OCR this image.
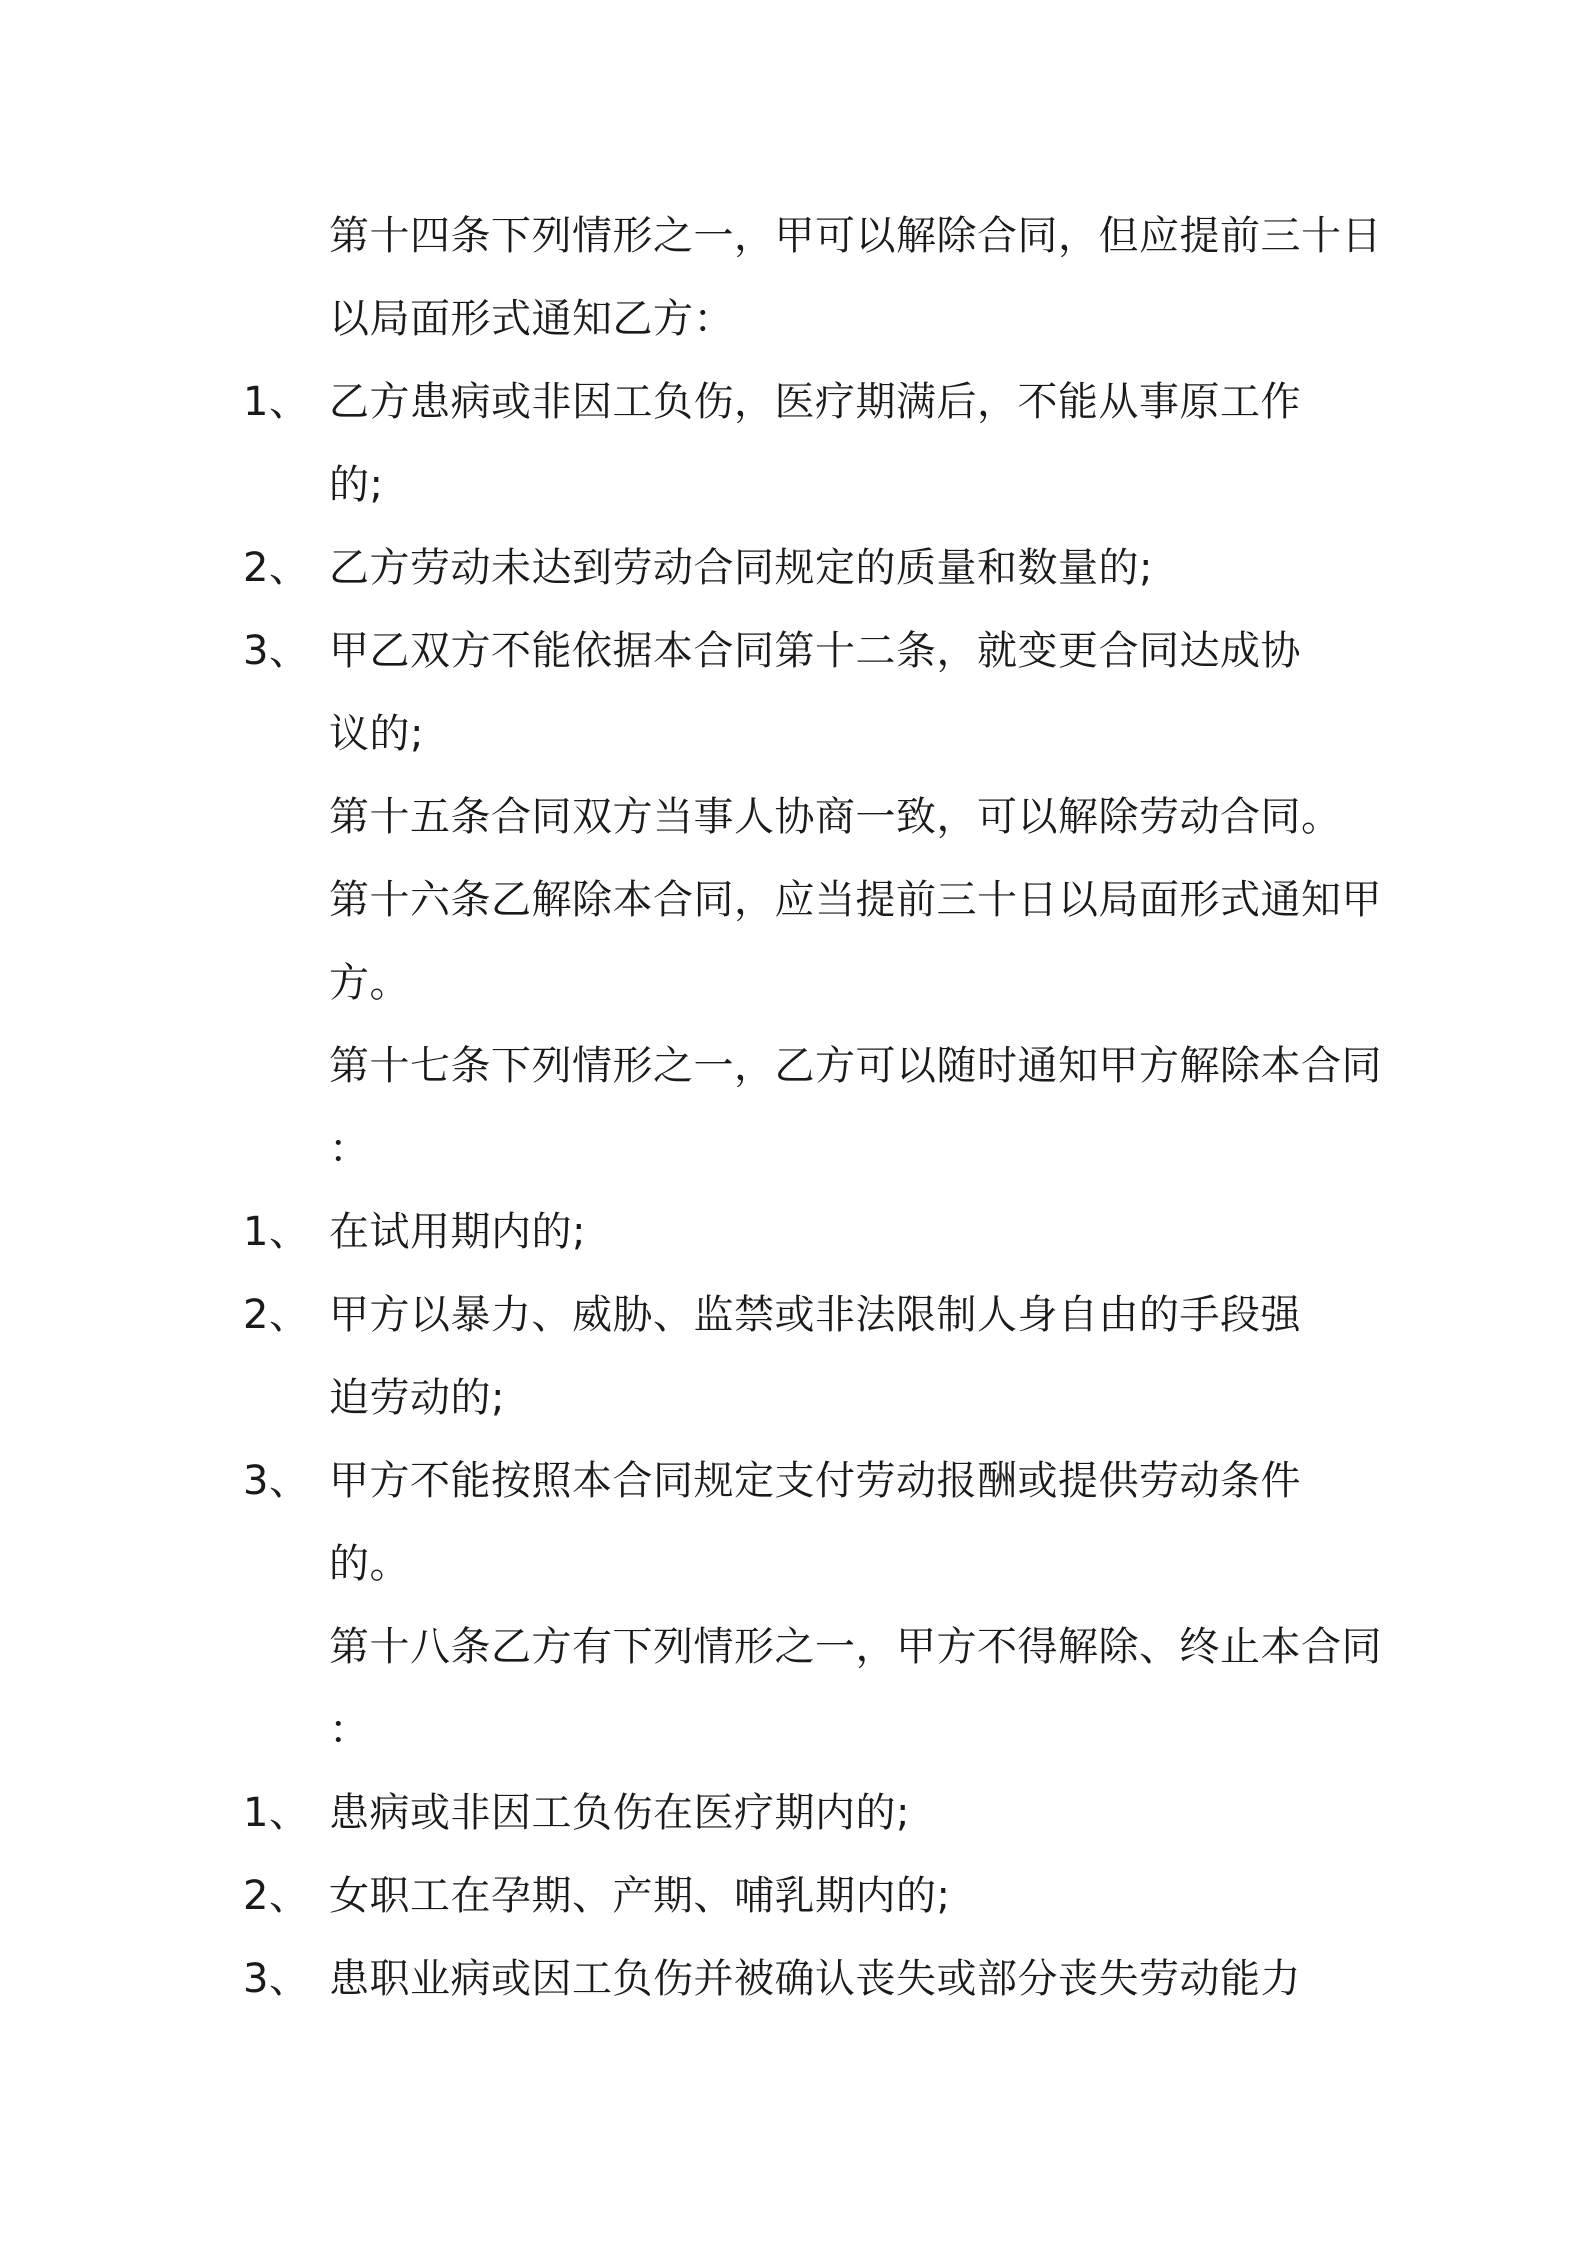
第十四条下列情形之一，甲可以解除合同，但应提前三十日
以局面形式通知乙方：
1、 乙方患病或非因工负伤，医疗期满后，不能从事原工作
的;
2、 乙方劳动未达到劳动合同规定的质量和数量的;
3、 甲乙双方不能依据本合同第十二条，就变更合同达成协
议的;
第十五条合同双方当事人协商一致，可以解除劳动合同。
第十六条乙解除本合同，应当提前三十日以局面形式通知甲
方。
第十七条下列情形之一，乙方可以随时通知甲方解除本合同
：
1、 在试用期内的;
2、 甲方以暴力、威胁、监禁或非法限制人身自由的手段强
迫劳动的;
3、 甲方不能按照本合同规定支付劳动报酬或提供劳动条件
的。
第十八条乙方有下列情形之一，甲方不得解除、终止本合同
：
1、 患病或非因工负伤在医疗期内的;
2、 女职工在孕期、产期、哺乳期内的;
3、 患职业病或因工负伤并被确认丧失或部分丧失劳动能力
